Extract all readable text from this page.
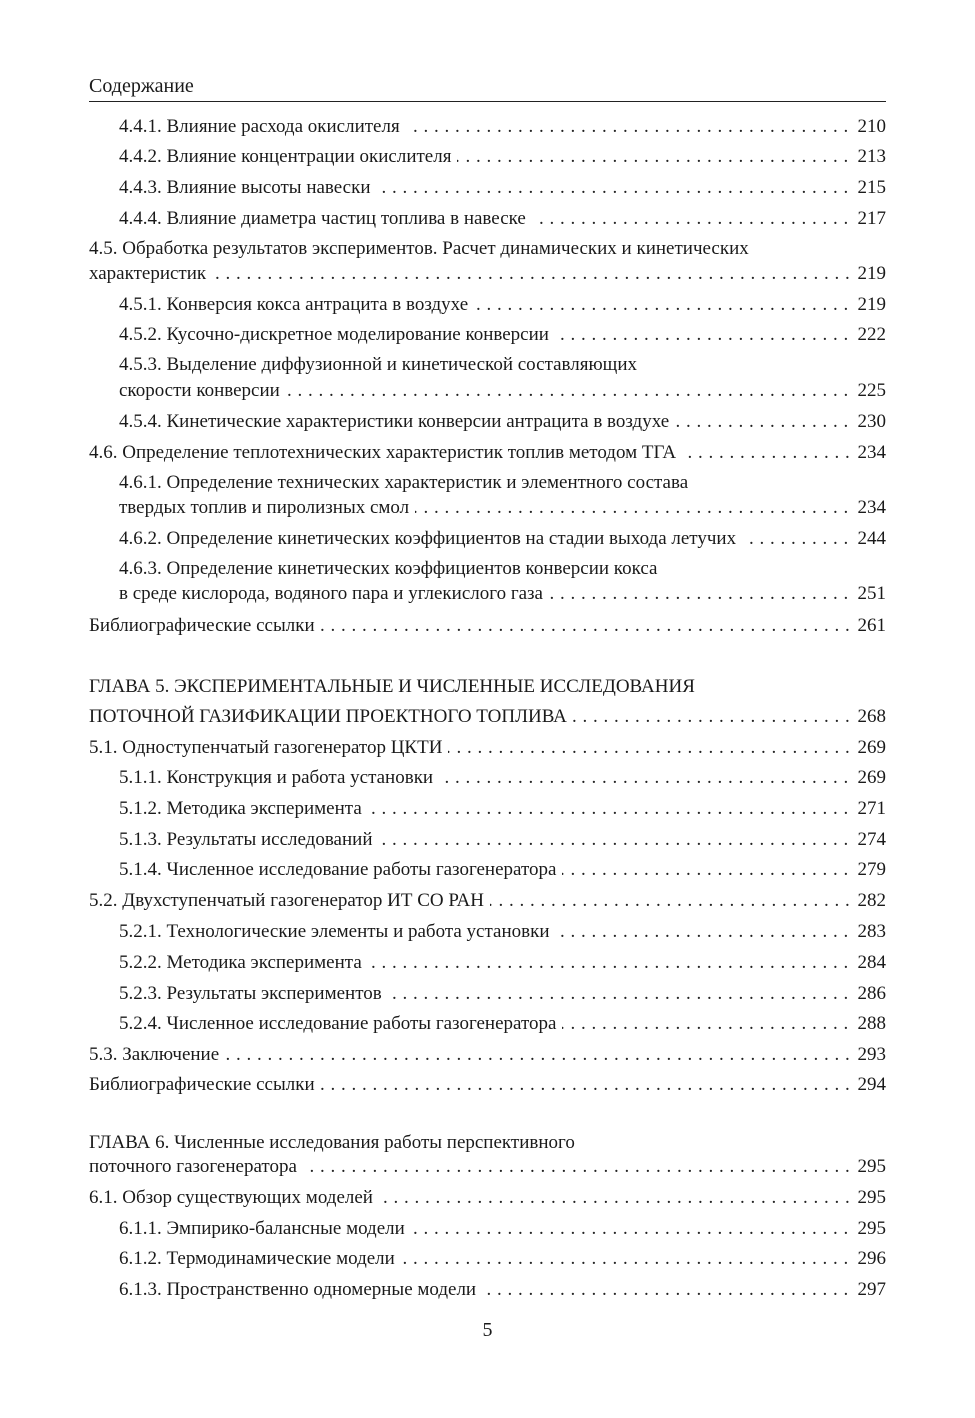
Содержание
4.4.1. Влияние расхода окислителя	210
. . .
4.4.2. Влияние концентрации окислителя	213
. . .
4.4.3. Влияние высоты навески	215
. . .
4.4.4. Влияние диаметра частиц топлива в навеске	217
. . .
4.5. Обработка результатов экспериментов. Расчет динамических и кинетических
характеристик	219
. . .
4.5.1. Конверсия кокса антрацита в воздухе	219
. . .
4.5.2. Кусочно-дискретное моделирование конверсии	222
. . .
4.5.3. Выделение диффузионной и кинетической составляющих
скорости конверсии	225
. . .
4.5.4. Кинетические характеристики конверсии антрацита в воздухе	230
. . .
4.6. Определение теплотехнических характеристик топлив методом ТГА	234
. . .
4.6.1. Определение технических характеристик и элементного состава
твердых топлив и пиролизных смол	234
. . .
4.6.2. Определение кинетических коэффициентов на стадии выхода летучих	244
. . .
4.6.3. Определение кинетических коэффициентов конверсии кокса
в среде кислорода, водяного пара и углекислого газа	251
. . .
Библиографические ссылки	261
. . .
ГЛАВА 5. ЭКСПЕРИМЕНТАЛЬНЫЕ И ЧИСЛЕННЫЕ ИССЛЕДОВАНИЯ
ПОТОЧНОЙ ГАЗИФИКАЦИИ ПРОЕКТНОГО ТОПЛИВА	268
. . .
5.1. Одноступенчатый газогенератор ЦКТИ	269
. . .
5.1.1. Конструкция и работа установки	269
. . .
5.1.2. Методика эксперимента	271
. . .
5.1.3. Результаты исследований	274
. . .
5.1.4. Численное исследование работы газогенератора	279
. . .
5.2. Двухступенчатый газогенератор ИТ СО РАН	282
. . .
5.2.1. Технологические элементы и работа установки	283
. . .
5.2.2. Методика эксперимента	284
. . .
5.2.3. Результаты экспериментов	286
. . .
5.2.4. Численное исследование работы газогенератора	288
. . .
5.3. Заключение	293
. . .
Библиографические ссылки	294
. . .
ГЛАВА 6. Численные исследования работы перспективного
поточного газогенератора	295
. . .
6.1. Обзор существующих моделей	295
. . .
6.1.1. Эмпирико-балансные модели	295
. . .
6.1.2. Термодинамические модели	296
. . .
6.1.3. Пространственно одномерные модели	297
. . .
5
